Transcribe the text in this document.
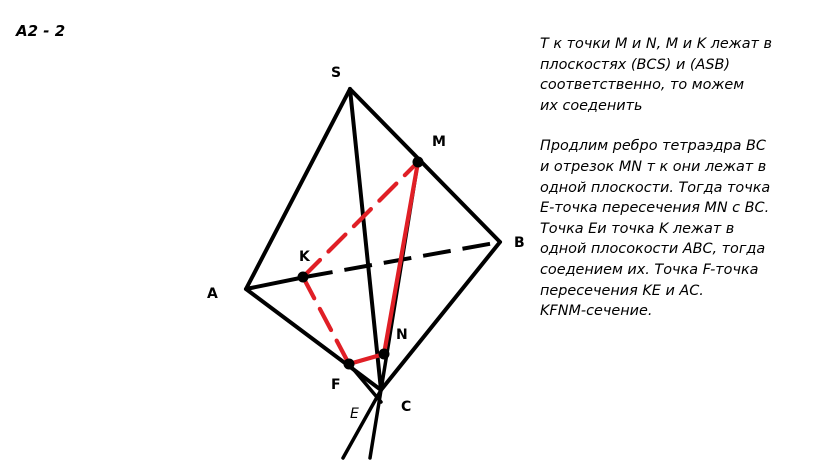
A2 - 2
S
A
B
C
M
K
N
F
E

Т к точки M и N, M и K лежат в

плоскостях (BCS) и (ASB)

соответственно, то можем

их соеденить

Продлим ребро тетраэдра BC

и отрезок MN т к они лежат в

одной плоскости. Тогда точка

E-точка пересечения MN с BC.

Точка Eи точка K лежат в

одной плосокости ABC, тогда

соедением их. Точка F-точка

пересечения KE и AC.

KFNM-сечение.
